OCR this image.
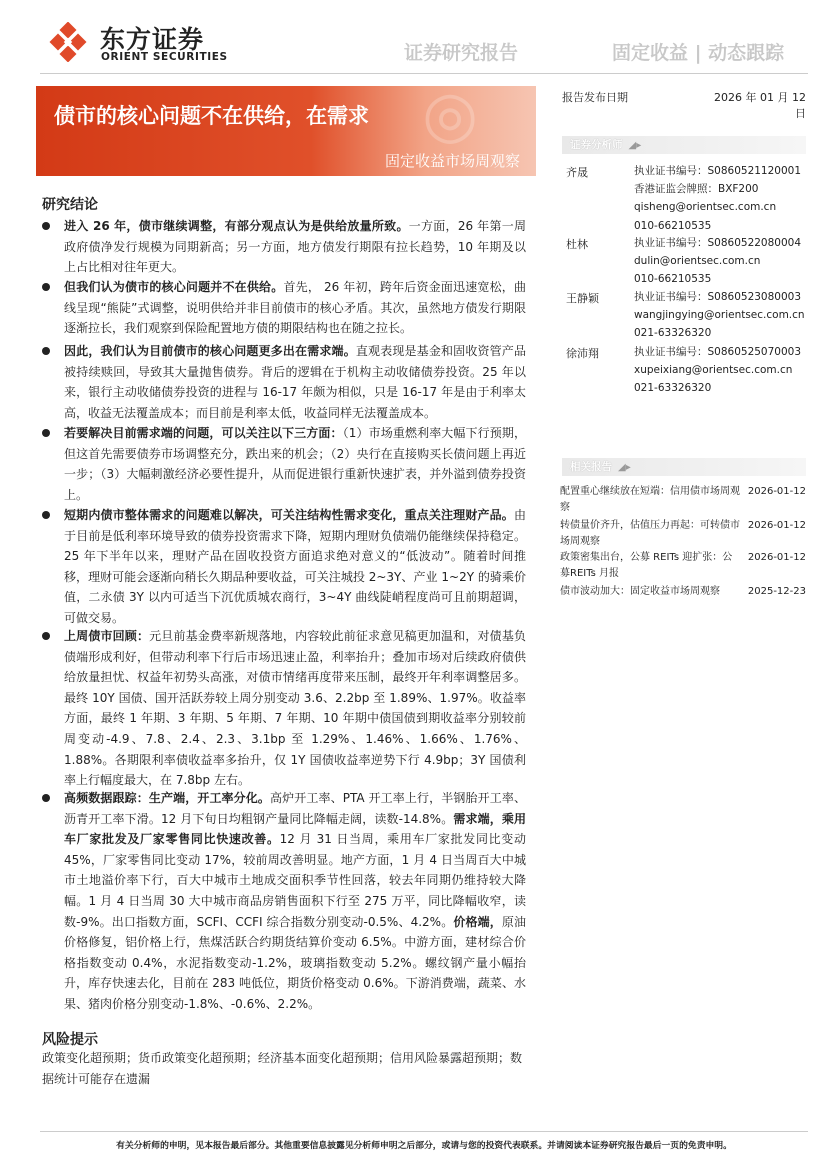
东方证券
ORIENT SECURITIES	证券研究报告	固定收益 | 动态跟踪
◎
债市的核心问题不在供给，在需求
固定收益市场周观察
报告发布日期	2026 年 01 月 12 日
证券分析师 ◢▸
齐晟	执业证书编号：S0860521120001
香港证监会牌照：BXF200
qisheng@orientsec.com.cn
010-66210535
杜林	执业证书编号：S0860522080004
dulin@orientsec.com.cn
010-66210535
王静颖	执业证书编号：S0860523080003
wangjingying@orientsec.com.cn
021-63326320
徐沛翔	执业证书编号：S0860525070003
xupeixiang@orientsec.com.cn
021-63326320
相关报告 ◢▸
配置重心继续放在短端：信用债市场周观察
2026-01-12
转债量价齐升，估值压力再起：可转债市场周观察
2026-01-12
政策密集出台，公募 REITs 迎扩张：公募REITs 月报
2026-01-12
债市波动加大：固定收益市场周观察	2025-12-23
研究结论
进入 26 年，债市继续调整，有部分观点认为是供给放量所致。一方面，26 年第一周政府债净发行规模为同期新高；另一方面，地方债发行期限有拉长趋势，10 年期及以上占比相对往年更大。
但我们认为债市的核心问题并不在供给。首先， 26 年初，跨年后资金面迅速宽松，曲线呈现“熊陡”式调整，说明供给并非目前债市的核心矛盾。其次，虽然地方债发行期限逐渐拉长，我们观察到保险配置地方债的期限结构也在随之拉长。
因此，我们认为目前债市的核心问题更多出在需求端。直观表现是基金和固收资管产品被持续赎回，导致其大量抛售债券。背后的逻辑在于机构主动收储债券投资。25 年以来，银行主动收储债券投资的进程与 16-17 年颇为相似，只是 16-17 年是由于利率太高，收益无法覆盖成本；而目前是利率太低，收益同样无法覆盖成本。
若要解决目前需求端的问题，可以关注以下三方面：（1）市场重燃利率大幅下行预期，但这首先需要债券市场调整充分，跌出来的机会；（2）央行在直接购买长债问题上再近一步；（3）大幅刺激经济必要性提升，从而促进银行重新快速扩表，并外溢到债券投资上。
短期内债市整体需求的问题难以解决，可关注结构性需求变化，重点关注理财产品。由于目前是低利率环境导致的债券投资需求下降，短期内理财负债端仍能继续保持稳定。25 年下半年以来，理财产品在固收投资方面追求绝对意义的“低波动”。随着时间推移，理财可能会逐渐向稍长久期品种要收益，可关注城投 2~3Y、产业 1~2Y 的骑乘价值，二永债 3Y 以内可适当下沉优质城农商行，3~4Y 曲线陡峭程度尚可且前期超调，可做交易。
上周债市回顾：元旦前基金费率新规落地，内容较此前征求意见稿更加温和，对债基负债端形成利好，但带动利率下行后市场迅速止盈，利率抬升；叠加市场对后续政府债供给放量担忧、权益年初势头高涨，对债市情绪再度带来压制，最终开年利率调整居多。最终 10Y 国债、国开活跃券较上周分别变动 3.6、2.2bp 至 1.89%、1.97%。收益率方面，最终 1 年期、3 年期、5 年期、7 年期、10 年期中债国债到期收益率分别较前周变动-4.9、7.8、2.4、2.3、3.1bp 至 1.29%、1.46%、1.66%、1.76%、1.88%。各期限利率债收益率多抬升，仅 1Y 国债收益率逆势下行 4.9bp；3Y 国债利率上行幅度最大，在 7.8bp 左右。
高频数据跟踪：生产端，开工率分化。高炉开工率、PTA 开工率上行，半钢胎开工率、沥青开工率下滑。12 月下旬日均粗钢产量同比降幅走阔，读数-14.8%。需求端，乘用车厂家批发及厂家零售同比快速改善。12 月 31 日当周，乘用车厂家批发同比变动 45%，厂家零售同比变动 17%，较前周改善明显。地产方面，1 月 4 日当周百大中城市土地溢价率下行，百大中城市土地成交面积季节性回落，较去年同期仍维持较大降幅。1 月 4 日当周 30 大中城市商品房销售面积下行至 275 万平，同比降幅收窄，读数-9%。出口指数方面，SCFI、CCFI 综合指数分别变动-0.5%、4.2%。价格端，原油价格修复，铝价格上行，焦煤活跃合约期货结算价变动 6.5%。中游方面，建材综合价格指数变动 0.4%，水泥指数变动-1.2%，玻璃指数变动 5.2%。螺纹钢产量小幅抬升，库存快速去化，目前在 283 吨低位，期货价格变动 0.6%。下游消费端，蔬菜、水果、猪肉价格分别变动-1.8%、-0.6%、2.2%。
风险提示
政策变化超预期；货币政策变化超预期；经济基本面变化超预期；信用风险暴露超预期；数据统计可能存在遗漏
有关分析师的申明，见本报告最后部分。其他重要信息披露见分析师申明之后部分，或请与您的投资代表联系。并请阅读本证券研究报告最后一页的免责申明。
